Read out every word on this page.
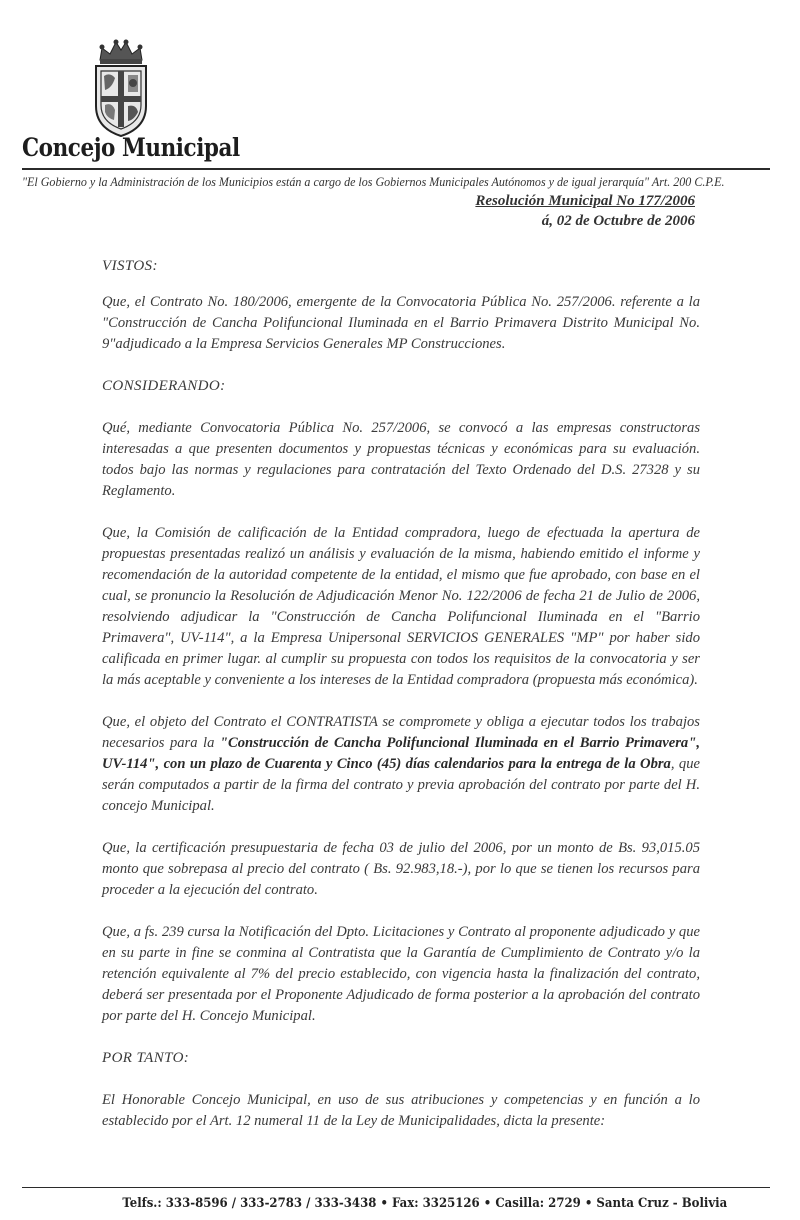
Concejo Municipal
"El Gobierno y la Administración de los Municipios están a cargo de los Gobiernos Municipales Autónomos y de igual jerarquía" Art. 200 C.P.E.
Resolución Municipal No 177/2006
á, 02 de Octubre de 2006
VISTOS:

Que, el Contrato No. 180/2006, emergente de la Convocatoria Pública No. 257/2006. referente a la "Construcción de Cancha Polifuncional Iluminada en el Barrio Primavera Distrito Municipal No. 9"adjudicado a la Empresa Servicios Generales MP Construcciones.

CONSIDERANDO:

Qué, mediante Convocatoria Pública No. 257/2006, se convocó a las empresas constructoras interesadas a que presenten documentos y propuestas técnicas y económicas para su evaluación. todos bajo las normas y regulaciones para contratación del Texto Ordenado del D.S. 27328 y su Reglamento.

Que, la Comisión de calificación de la Entidad compradora, luego de efectuada la apertura de propuestas presentadas realizó un análisis y evaluación de la misma, habiendo emitido el informe y recomendación de la autoridad competente de la entidad, el mismo que fue aprobado, con base en el cual, se pronuncio la Resolución de Adjudicación Menor No. 122/2006 de fecha 21 de Julio de 2006, resolviendo adjudicar la "Construcción de Cancha Polifuncional Iluminada en el "Barrio Primavera", UV-114", a la Empresa Unipersonal SERVICIOS GENERALES "MP" por haber sido calificada en primer lugar. al cumplir su propuesta con todos los requisitos de la convocatoria y ser la más aceptable y conveniente a los intereses de la Entidad compradora (propuesta más económica).

Que, el objeto del Contrato el CONTRATISTA se compromete y obliga a ejecutar todos los trabajos necesarios para la "Construcción de Cancha Polifuncional Iluminada en el Barrio Primavera", UV-114", con un plazo de Cuarenta y Cinco (45) días calendarios para la entrega de la Obra, que serán computados a partir de la firma del contrato y previa aprobación del contrato por parte del H. concejo Municipal.

Que, la certificación presupuestaria de fecha 03 de julio del 2006, por un monto de Bs. 93,015.05 monto que sobrepasa al precio del contrato ( Bs. 92.983,18.-), por lo que se tienen los recursos para proceder a la ejecución del contrato.

Que, a fs. 239 cursa la Notificación del Dpto. Licitaciones y Contrato al proponente adjudicado y que en su parte in fine se conmina al Contratista que la Garantía de Cumplimiento de Contrato y/o la retención equivalente al 7% del precio establecido, con vigencia hasta la finalización del contrato, deberá ser presentada por el Proponente Adjudicado de forma posterior a la aprobación del contrato por parte del H. Concejo Municipal.

POR TANTO:

El Honorable Concejo Municipal, en uso de sus atribuciones y competencias y en función a lo establecido por el Art. 12 numeral 11 de la Ley de Municipalidades, dicta la presente:

Telfs.: 333-8596 / 333-2783 / 333-3438 • Fax: 3325126 • Casilla: 2729 • Santa Cruz - Bolivia
